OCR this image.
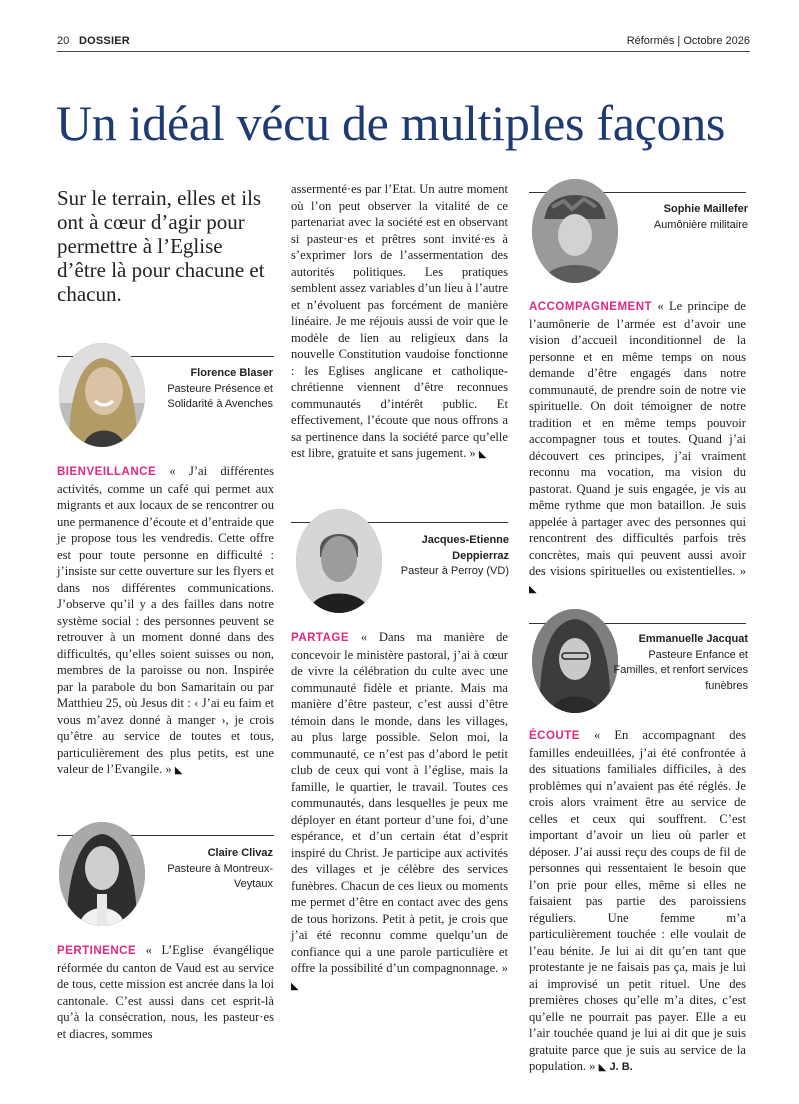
20 DOSSIER	Réformés | Octobre 2026
Un idéal vécu de multiples façons
Sur le terrain, elles et ils ont à cœur d’agir pour permettre à l’Eglise d’être là pour chacune et chacun.
Florence Blaser
Pasteure Présence et Solidarité à Avenches

BIENVEILLANCE « J’ai différentes activités, comme un café qui permet aux migrants et aux locaux de se rencontrer ou une permanence d’écoute et d’entraide que je propose tous les vendredis. Cette offre est pour toute personne en difficulté : j’insiste sur cette ouverture sur les flyers et dans nos différentes communications. J’observe qu’il y a des failles dans notre système social : des personnes peuvent se retrouver à un moment donné dans des difficultés, qu’elles soient suisses ou non, membres de la paroisse ou non. Inspirée par la parabole du bon Samaritain ou par Matthieu 25, où Jesus dit : ‹ J’ai eu faim et vous m’avez donné à manger ›, je crois qu’être au service de toutes et tous, particulièrement des plus petits, est une valeur de l’Evangile. » ◣

Claire Clivaz
Pasteure à Montreux-Veytaux

PERTINENCE « L’Eglise évangélique réformée du canton de Vaud est au service de tous, cette mission est ancrée dans la loi cantonale. C’est aussi dans cet esprit-là qu’à la consécration, nous, les pasteur·es et diacres, sommes

assermenté·es par l’Etat. Un autre moment où l’on peut observer la vitalité de ce partenariat avec la société est en observant si pasteur·es et prêtres sont invité·es à s’exprimer lors de l’assermentation des autorités politiques. Les pratiques semblent assez variables d’un lieu à l’autre et n’évoluent pas forcément de manière linéaire. Je me réjouis aussi de voir que le modèle de lien au religieux dans la nouvelle Constitution vaudoise fonctionne : les Eglises anglicane et catholique-chrétienne viennent d’être reconnues communautés d’intérêt public. Et effectivement, l’écoute que nous offrons a sa pertinence dans la société parce qu’elle est libre, gratuite et sans jugement. » ◣

Jacques-Etienne Deppierraz
Pasteur à Perroy (VD)

PARTAGE « Dans ma manière de concevoir le ministère pastoral, j’ai à cœur de vivre la célébration du culte avec une communauté fidèle et priante. Mais ma manière d’être pasteur, c’est aussi d’être témoin dans le monde, dans les villages, au plus large possible. Selon moi, la communauté, ce n’est pas d’abord le petit club de ceux qui vont à l’église, mais la famille, le quartier, le travail. Toutes ces communautés, dans lesquelles je peux me déployer en étant porteur d’une foi, d’une espérance, et d’un certain état d’esprit inspiré du Christ. Je participe aux activités des villages et je célèbre des services funèbres. Chacun de ces lieux ou moments me permet d’être en contact avec des gens de tous horizons. Petit à petit, je crois que j’ai été reconnu comme quelqu’un de confiance qui a une parole particulière et offre la possibilité d’un compagnonnage. » ◣

Sophie Maillefer
Aumônière militaire

ACCOMPAGNEMENT « Le principe de l’aumônerie de l’armée est d’avoir une vision d’accueil inconditionnel de la personne et en même temps on nous demande d’être engagés dans notre communauté, de prendre soin de notre vie spirituelle. On doit témoigner de notre tradition et en même temps pouvoir accompagner tous et toutes. Quand j’ai découvert ces principes, j’ai vraiment reconnu ma vocation, ma vision du pastorat. Quand je suis engagée, je vis au même rythme que mon bataillon. Je suis appelée à partager avec des personnes qui rencontrent des difficultés parfois très concrètes, mais qui peuvent aussi avoir des visions spirituelles ou existentielles. » ◣

Emmanuelle Jacquat
Pasteure Enfance et Familles, et renfort services funèbres

ÉCOUTE « En accompagnant des familles endeuillées, j’ai été confrontée à des situations familiales difficiles, à des problèmes qui n’avaient pas été réglés. Je crois alors vraiment être au service de celles et ceux qui souffrent. C’est important d’avoir un lieu où parler et déposer. J’ai aussi reçu des coups de fil de personnes qui ressentaient le besoin que l’on prie pour elles, même si elles ne faisaient pas partie des paroissiens réguliers. Une femme m’a particulièrement touchée : elle voulait de l’eau bénite. Je lui ai dit qu’en tant que protestante je ne faisais pas ça, mais je lui ai improvisé un petit rituel. Une des premières choses qu’elle m’a dites, c’est qu’elle ne pourrait pas payer. Elle a eu l’air touchée quand je lui ai dit que je suis gratuite parce que je suis au service de la population. » ◣ J. B.
